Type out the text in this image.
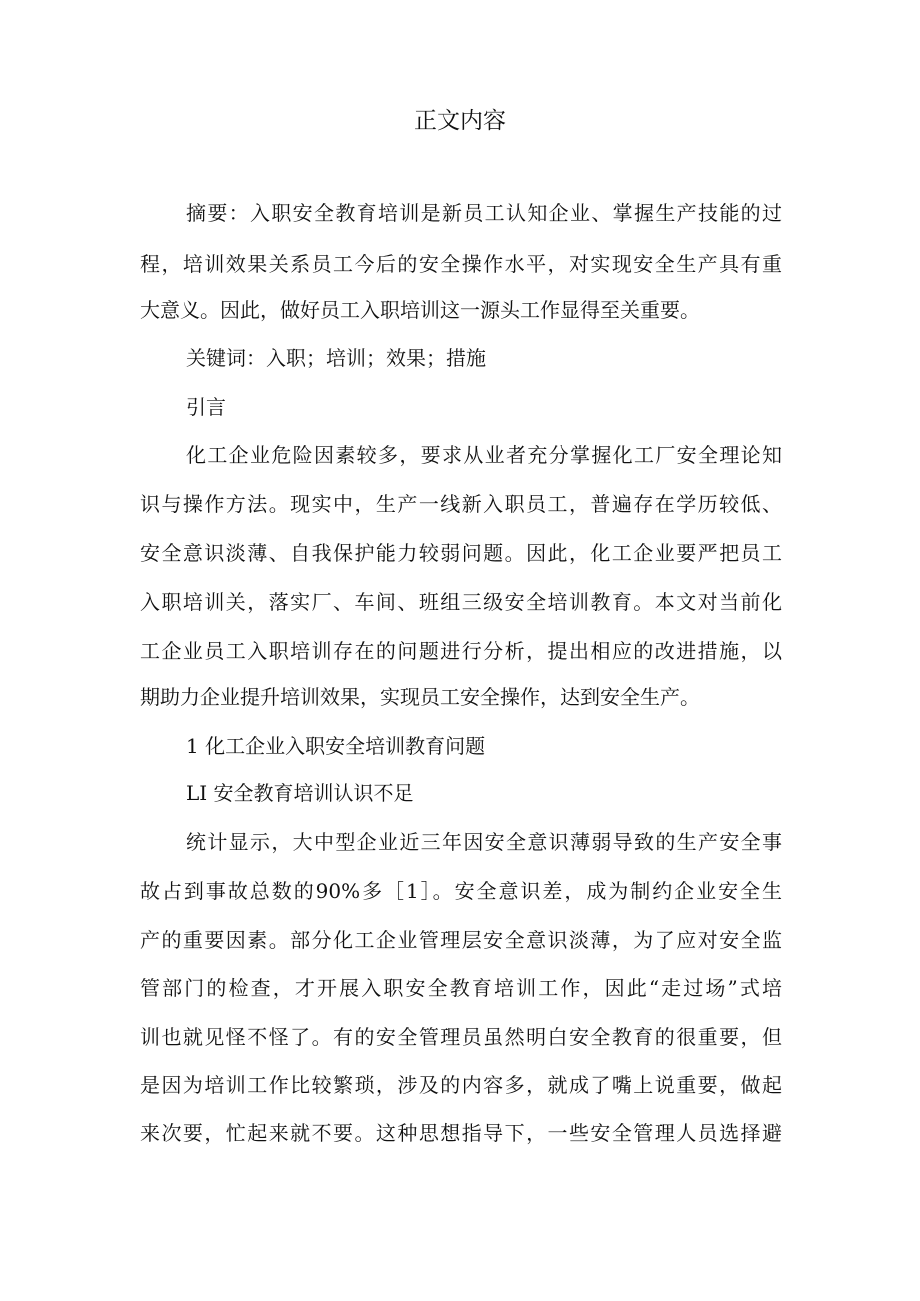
正文内容
摘要：入职安全教育培训是新员工认知企业、掌握生产技能的过
程，培训效果关系员工今后的安全操作水平，对实现安全生产具有重
大意义。因此，做好员工入职培训这一源头工作显得至关重要。
关键词：入职；培训；效果；措施
引言
化工企业危险因素较多，要求从业者充分掌握化工厂安全理论知
识与操作方法。现实中，生产一线新入职员工，普遍存在学历较低、
安全意识淡薄、自我保护能力较弱问题。因此，化工企业要严把员工
入职培训关，落实厂、车间、班组三级安全培训教育。本文对当前化
工企业员工入职培训存在的问题进行分析，提出相应的改进措施，以
期助力企业提升培训效果，实现员工安全操作，达到安全生产。
1 化工企业入职安全培训教育问题
LI 安全教育培训认识不足
统计显示，大中型企业近三年因安全意识薄弱导致的生产安全事
故占到事故总数的90%多［1］。安全意识差，成为制约企业安全生
产的重要因素。部分化工企业管理层安全意识淡薄，为了应对安全监
管部门的检查，才开展入职安全教育培训工作，因此“走过场”式培
训也就见怪不怪了。有的安全管理员虽然明白安全教育的很重要，但
是因为培训工作比较繁琐，涉及的内容多，就成了嘴上说重要，做起
来次要，忙起来就不要。这种思想指导下，一些安全管理人员选择避
